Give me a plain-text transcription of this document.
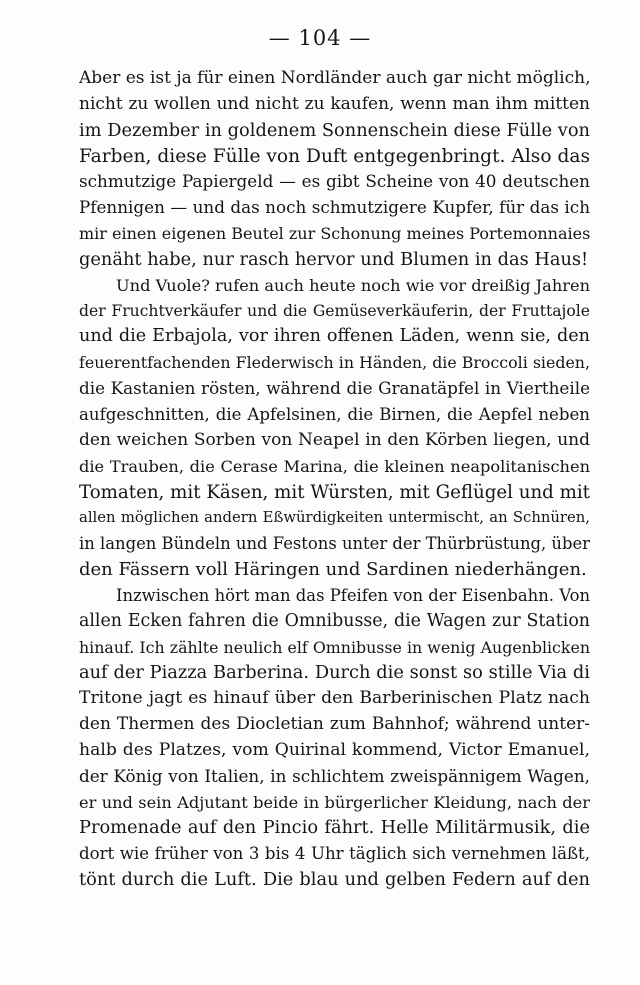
— 104 —
Aber es ist ja für einen Nordländer auch gar nicht möglich,
nicht zu wollen und nicht zu kaufen, wenn man ihm mitten
im Dezember in goldenem Sonnenschein diese Fülle von
Farben, diese Fülle von Duft entgegenbringt. Also das
schmutzige Papiergeld — es gibt Scheine von 40 deutschen
Pfennigen — und das noch schmutzigere Kupfer, für das ich
mir einen eigenen Beutel zur Schonung meines Portemonnaies
genäht habe, nur rasch hervor und Blumen in das Haus!
Und Vuole? rufen auch heute noch wie vor dreißig Jahren
der Fruchtverkäufer und die Gemüseverkäuferin, der Fruttajole
und die Erbajola, vor ihren offenen Läden, wenn sie, den
feuerentfachenden Flederwisch in Händen, die Broccoli sieden,
die Kastanien rösten, während die Granatäpfel in Viertheile
aufgeschnitten, die Apfelsinen, die Birnen, die Aepfel neben
den weichen Sorben von Neapel in den Körben liegen, und
die Trauben, die Cerase Marina, die kleinen neapolitanischen
Tomaten, mit Käsen, mit Würsten, mit Geflügel und mit
allen möglichen andern Eßwürdigkeiten untermischt, an Schnüren,
in langen Bündeln und Festons unter der Thürbrüstung, über
den Fässern voll Häringen und Sardinen niederhängen.
Inzwischen hört man das Pfeifen von der Eisenbahn. Von
allen Ecken fahren die Omnibusse, die Wagen zur Station
hinauf. Ich zählte neulich elf Omnibusse in wenig Augenblicken
auf der Piazza Barberina. Durch die sonst so stille Via di
Tritone jagt es hinauf über den Barberinischen Platz nach
den Thermen des Diocletian zum Bahnhof; während unter-
halb des Platzes, vom Quirinal kommend, Victor Emanuel,
der König von Italien, in schlichtem zweispännigem Wagen,
er und sein Adjutant beide in bürgerlicher Kleidung, nach der
Promenade auf den Pincio fährt. Helle Militärmusik, die
dort wie früher von 3 bis 4 Uhr täglich sich vernehmen läßt,
tönt durch die Luft. Die blau und gelben Federn auf den
